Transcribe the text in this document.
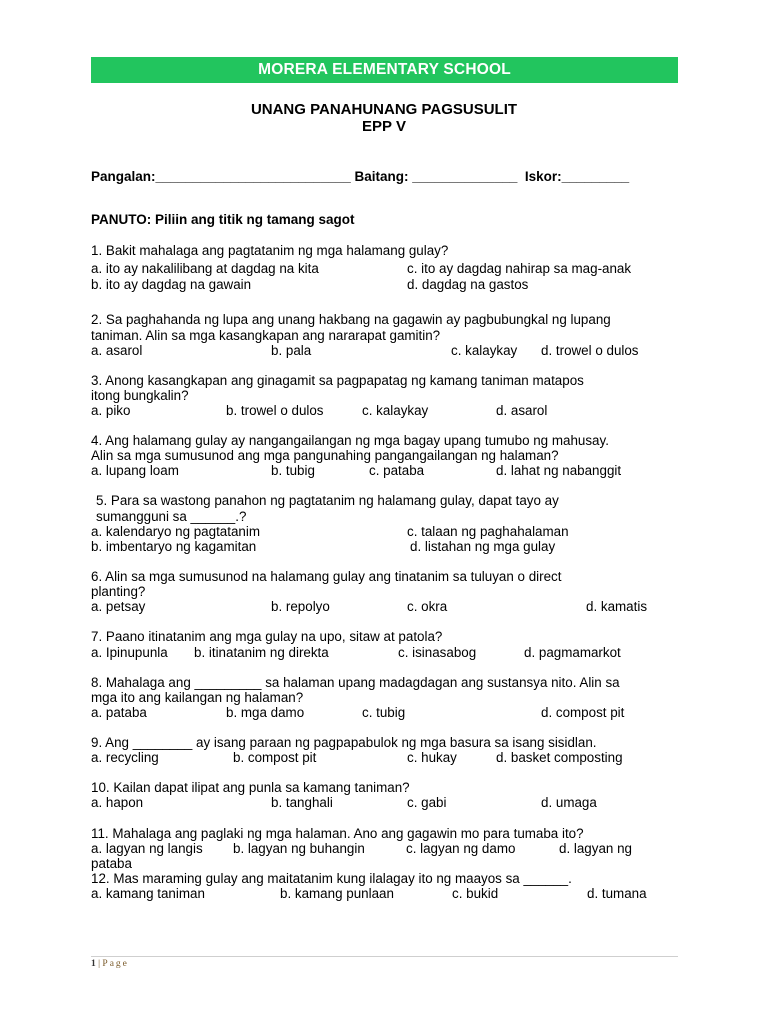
MORERA ELEMENTARY SCHOOL
UNANG PANAHUNANG PAGSUSULIT
EPP V
Pangalan:__________________________ Baitang: ______________  Iskor:_________
PANUTO: Piliin ang titik ng tamang sagot
1. Bakit mahalaga ang pagtatanim ng mga halamang gulay?
a. ito ay nakalilibang at dagdag na kita	c. ito ay dagdag nahirap sa mag-anak
b. ito ay dagdag na gawain	d. dagdag na gastos
2. Sa paghahanda ng lupa ang unang hakbang na gagawin ay pagbubungkal ng lupang
taniman. Alin sa mga kasangkapan ang nararapat gamitin?
a. asarol	b. pala	c. kalaykay d. trowel o dulos
3. Anong kasangkapan ang ginagamit sa pagpapatag ng kamang taniman matapos
itong bungkalin?
a. piko	b. trowel o dulos	c. kalaykay	d. asarol
4. Ang halamang gulay ay nangangailangan ng mga bagay upang tumubo ng mahusay.
Alin sa mga sumusunod ang mga pangunahing pangangailangan ng halaman?
a. lupang loam	b. tubig	c. pataba	d. lahat ng nabanggit
5. Para sa wastong panahon ng pagtatanim ng halamang gulay, dapat tayo ay
sumangguni sa ______.?
a. kalendaryo ng pagtatanim	c. talaan ng paghahalaman
b. imbentaryo ng kagamitan	d. listahan ng mga gulay
6. Alin sa mga sumusunod na halamang gulay ang tinatanim sa tuluyan o direct
planting?
a. petsay	b. repolyo	c. okra	d. kamatis
7. Paano itinatanim ang mga gulay na upo, sitaw at patola?
a. Ipinupunla b. itinatanim ng direkta	c. isinasabog	d. pagmamarkot
8. Mahalaga ang _________ sa halaman upang madagdagan ang sustansya nito. Alin sa
mga ito ang kailangan ng halaman?
a. pataba	b. mga damo	c. tubig	d. compost pit
9. Ang ________ ay isang paraan ng pagpapabulok ng mga basura sa isang sisidlan.
a. recycling	b. compost pit	c. hukay	d. basket composting
10. Kailan dapat ilipat ang punla sa kamang taniman?
a. hapon	b. tanghali	c. gabi	d. umaga
11. Mahalaga ang paglaki ng mga halaman. Ano ang gagawin mo para tumaba ito?
a. lagyan ng langis b. lagyan ng buhangin	c. lagyan ng damo	d. lagyan ng
pataba
12. Mas maraming gulay ang maitatanim kung ilalagay ito ng maayos sa ______.
a. kamang taniman	b. kamang punlaan	c. bukid	d. tumana
1 | Page
